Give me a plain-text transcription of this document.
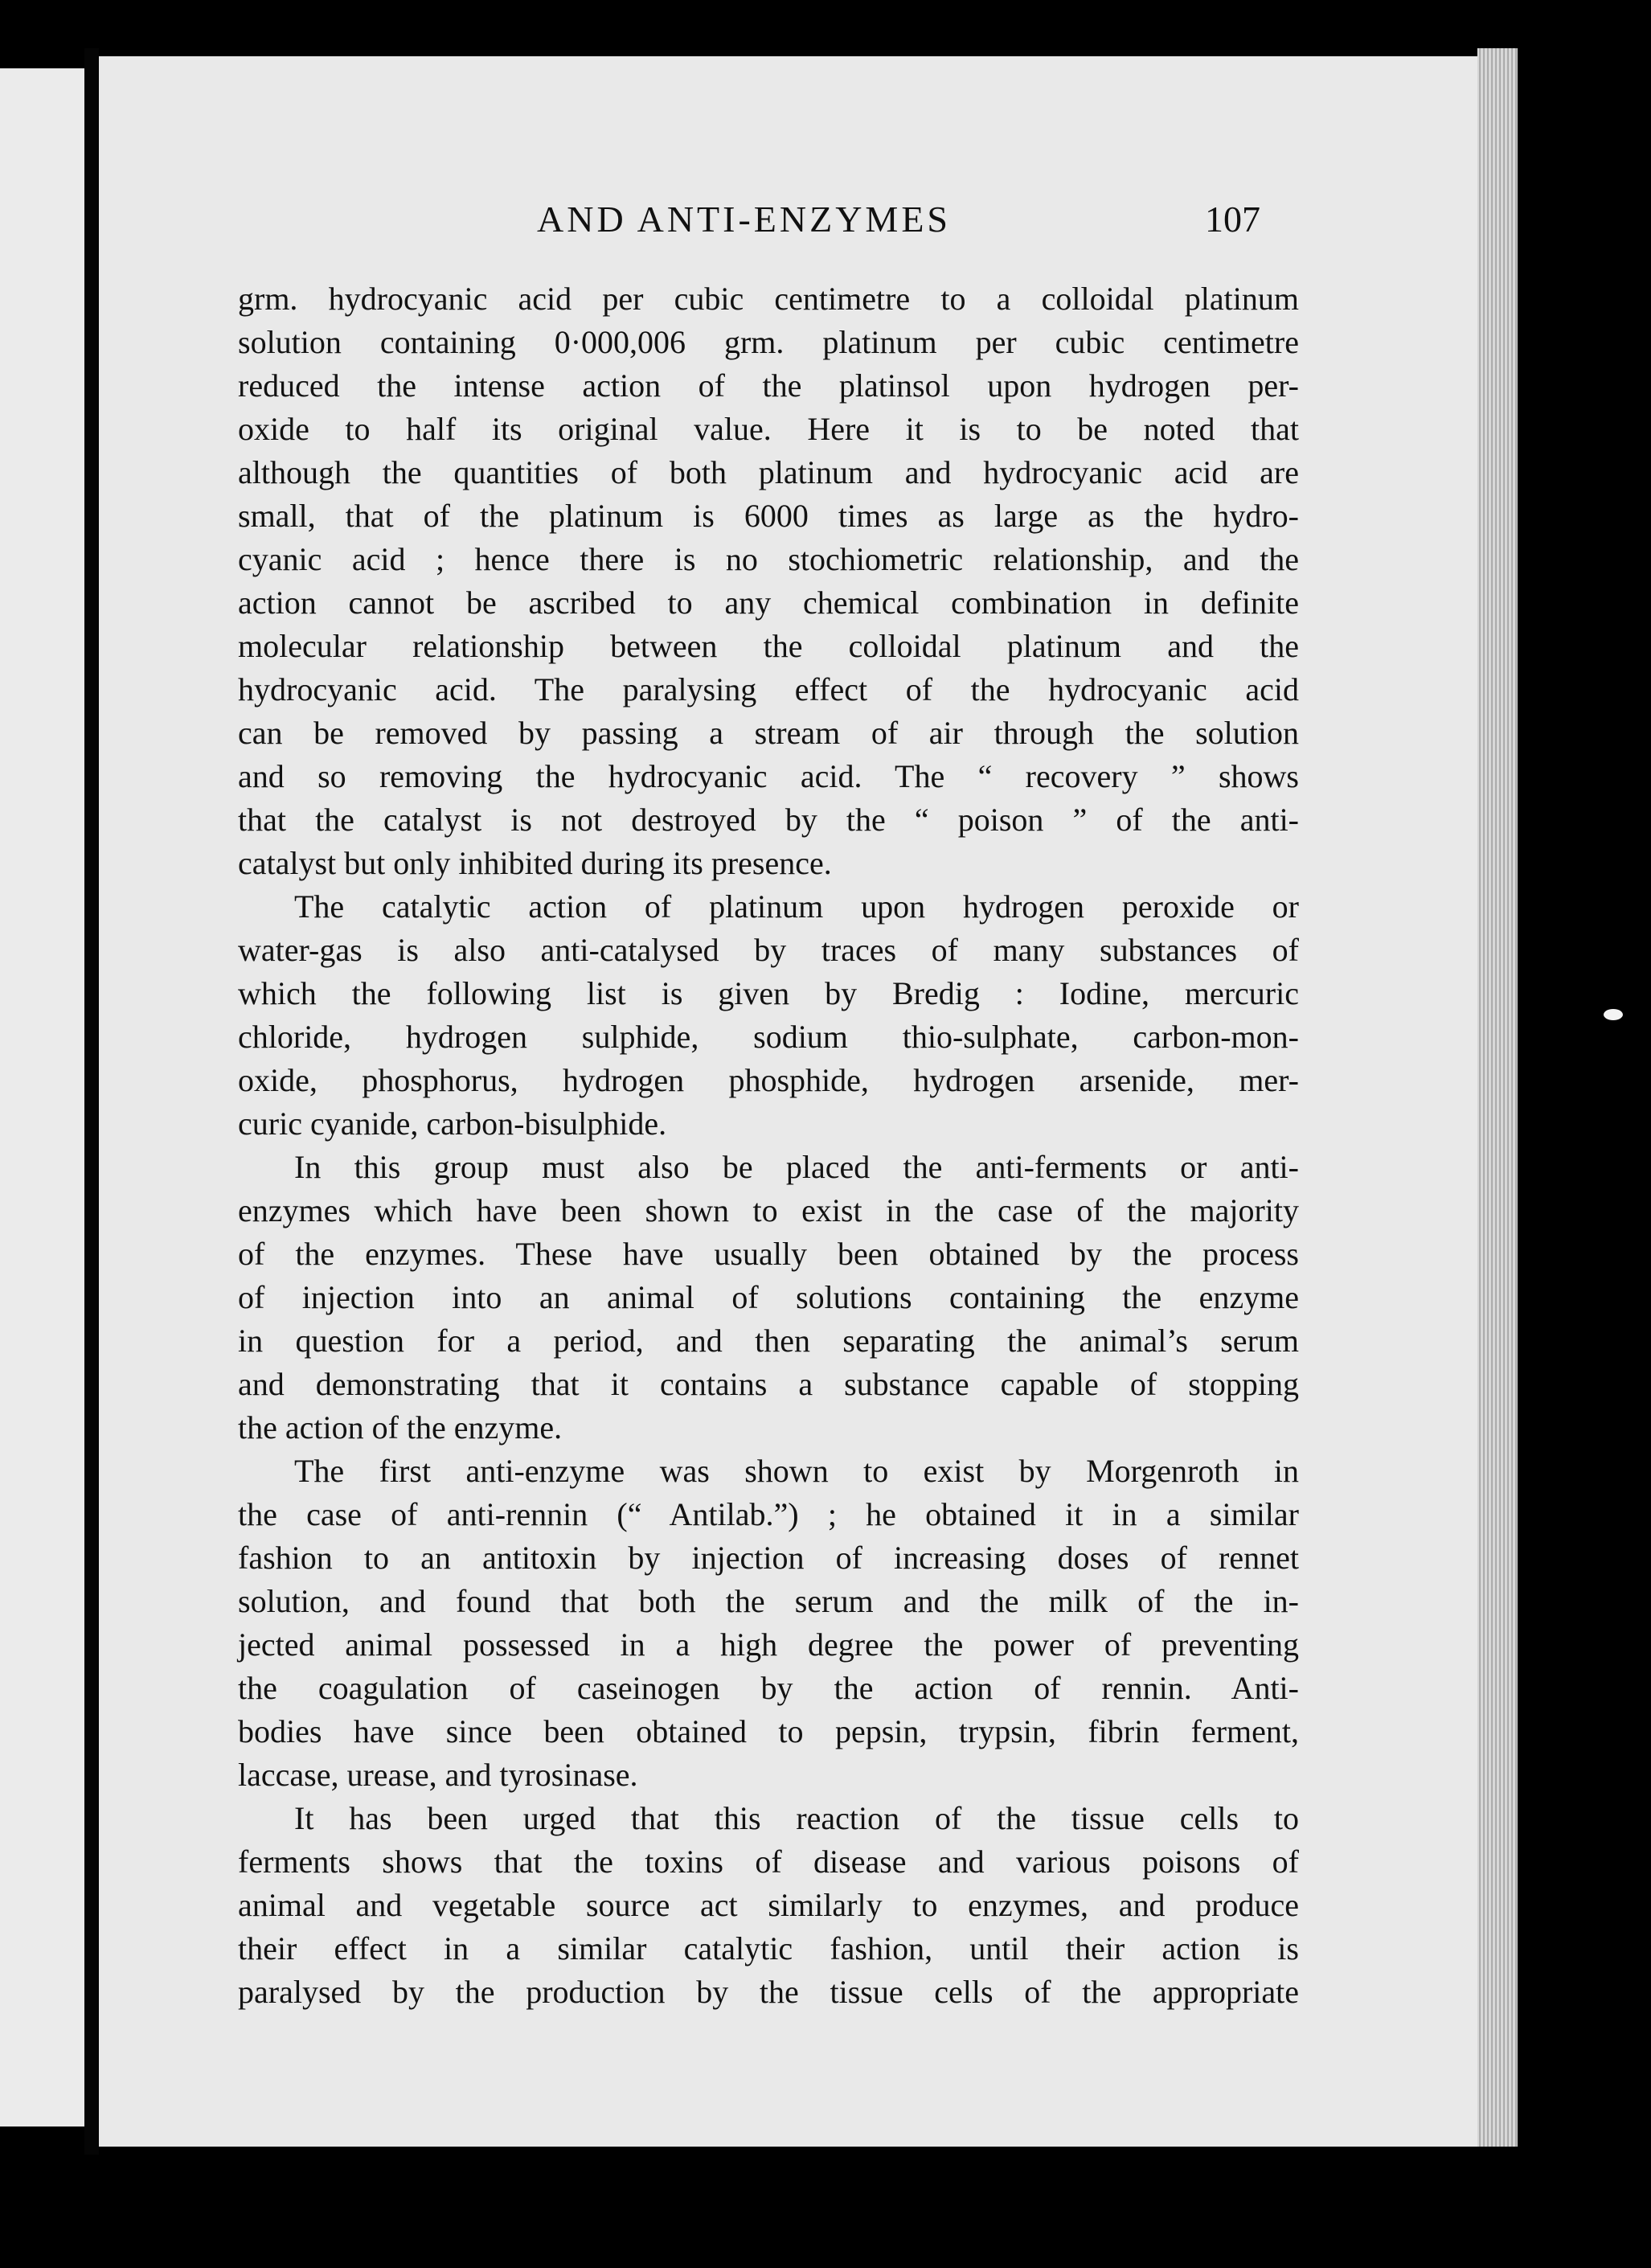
AND ANTI-ENZYMES	107
grm. hydrocyanic acid per cubic centimetre to a colloidal platinum
solution containing 0·000,006 grm. platinum per cubic centimetre
reduced the intense action of the platinsol upon hydrogen per-
oxide to half its original value. Here it is to be noted that
although the quantities of both platinum and hydrocyanic acid are
small, that of the platinum is 6000 times as large as the hydro-
cyanic acid ; hence there is no stochiometric relationship, and the
action cannot be ascribed to any chemical combination in definite
molecular relationship between the colloidal platinum and the
hydrocyanic acid. The paralysing effect of the hydrocyanic acid
can be removed by passing a stream of air through the solution
and so removing the hydrocyanic acid. The “ recovery ” shows
that the catalyst is not destroyed by the “ poison ” of the anti-
catalyst but only inhibited during its presence.
The catalytic action of platinum upon hydrogen peroxide or
water-gas is also anti-catalysed by traces of many substances of
which the following list is given by Bredig : Iodine, mercuric
chloride, hydrogen sulphide, sodium thio-sulphate, carbon-mon-
oxide, phosphorus, hydrogen phosphide, hydrogen arsenide, mer-
curic cyanide, carbon-bisulphide.
In this group must also be placed the anti-ferments or anti-
enzymes which have been shown to exist in the case of the majority
of the enzymes. These have usually been obtained by the process
of injection into an animal of solutions containing the enzyme
in question for a period, and then separating the animal’s serum
and demonstrating that it contains a substance capable of stopping
the action of the enzyme.
The first anti-enzyme was shown to exist by Morgenroth in
the case of anti-rennin (“ Antilab.”) ; he obtained it in a similar
fashion to an antitoxin by injection of increasing doses of rennet
solution, and found that both the serum and the milk of the in-
jected animal possessed in a high degree the power of preventing
the coagulation of caseinogen by the action of rennin. Anti-
bodies have since been obtained to pepsin, trypsin, fibrin ferment,
laccase, urease, and tyrosinase.
It has been urged that this reaction of the tissue cells to
ferments shows that the toxins of disease and various poisons of
animal and vegetable source act similarly to enzymes, and produce
their effect in a similar catalytic fashion, until their action is
paralysed by the production by the tissue cells of the appropriate
